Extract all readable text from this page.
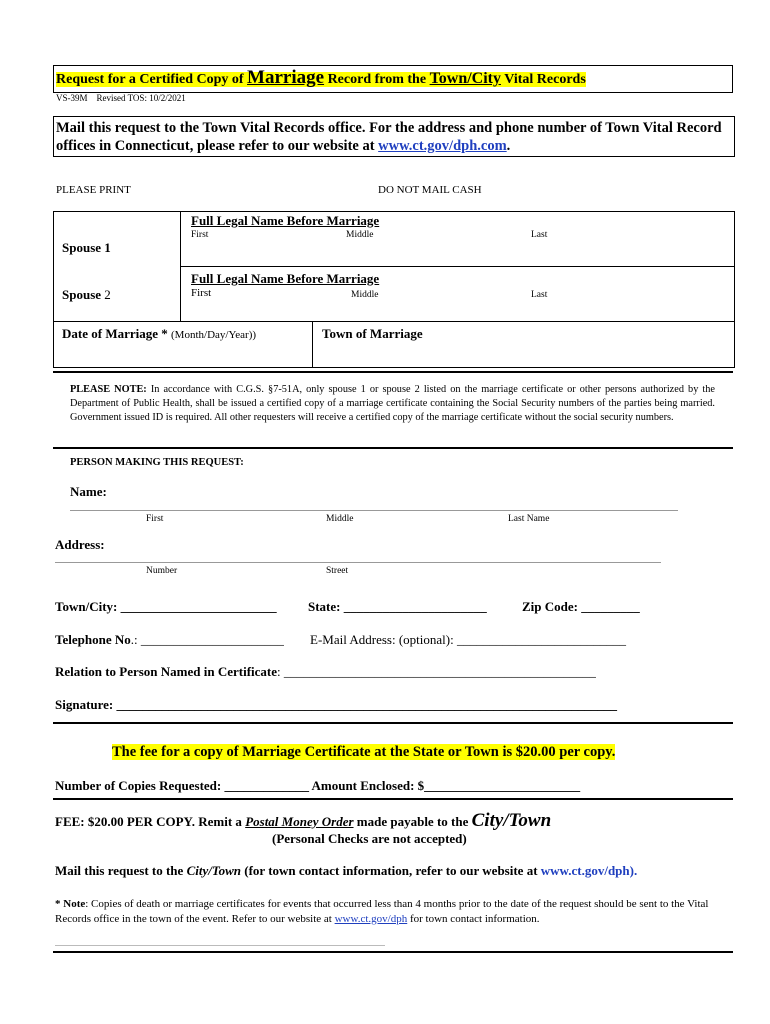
Request for a Certified Copy of Marriage Record from the Town/City Vital Records
VS-39M Revised TOS: 10/2/2021
Mail this request to the Town Vital Records office. For the address and phone number of Town Vital Record offices in Connecticut, please refer to our website at www.ct.gov/dph.com.
PLEASE PRINT	DO NOT MAIL CASH
Spouse 1
Full Legal Name Before Marriage
First	Middle	Last
Spouse 2
Full Legal Name Before Marriage
First	Middle	Last
Date of Marriage * (Month/Day/Year))	Town of Marriage
PLEASE NOTE: In accordance with C.G.S. §7-51A, only spouse 1 or spouse 2 listed on the marriage certificate or other persons authorized by the Department of Public Health, shall be issued a certified copy of a marriage certificate containing the Social Security numbers of the parties being married. Government issued ID is required. All other requesters will receive a certified copy of the marriage certificate without the social security numbers.
PERSON MAKING THIS REQUEST:
Name:
First	Middle	Last Name
Address:
Number	Street
Town/City: ________________________ State: ______________________	Zip Code: _________
Telephone No.: ______________________ E-Mail Address: (optional): __________________________
Relation to Person Named in Certificate: ________________________________________________
Signature: _____________________________________________________________________________
The fee for a copy of Marriage Certificate at the State or Town is $20.00 per copy.
Number of Copies Requested: _____________ Amount Enclosed: $________________________
FEE: $20.00 PER COPY. Remit a Postal Money Order made payable to the City/Town
(Personal Checks are not accepted)
Mail this request to the City/Town (for town contact information, refer to our website at www.ct.gov/dph).
* Note: Copies of death or marriage certificates for events that occurred less than 4 months prior to the date of the request should be sent to the Vital Records office in the town of the event. Refer to our website at www.ct.gov/dph for town contact information.
